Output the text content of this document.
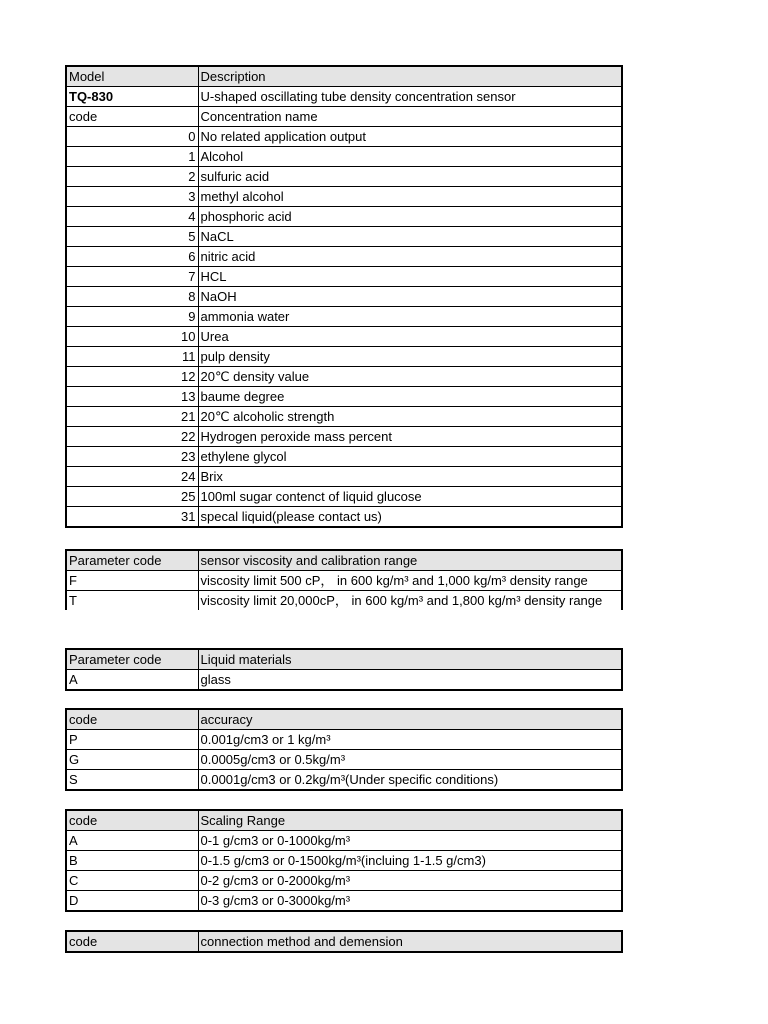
Model	Description
TQ-830	U-shaped oscillating tube density concentration sensor
code	Concentration name
0	No related application output
1	Alcohol
2	sulfuric acid
3	methyl alcohol
4	phosphoric acid
5	NaCL
6	nitric acid
7	HCL
8	NaOH
9	ammonia water
10	Urea
11	pulp density
12	20℃ density value
13	baume degree
21	20℃ alcoholic strength
22	Hydrogen peroxide mass percent
23	ethylene glycol
24	Brix
25	100ml sugar contenct of liquid glucose
31	specal liquid(please contact us)
Parameter code	sensor viscosity and calibration range
F	viscosity limit 500 cP， in 600 kg/m³ and 1,000 kg/m³ density range
T	viscosity limit 20,000cP， in 600 kg/m³ and 1,800 kg/m³ density range
Parameter code	Liquid materials
A	glass
code	accuracy
P	0.001g/cm3 or 1 kg/m³
G	0.0005g/cm3 or 0.5kg/m³
S	0.0001g/cm3 or 0.2kg/m³(Under specific conditions)
code	Scaling Range
A	0-1 g/cm3 or 0-1000kg/m³
B	0-1.5 g/cm3 or 0-1500kg/m³(incluing 1-1.5 g/cm3)
C	0-2 g/cm3 or 0-2000kg/m³
D	0-3 g/cm3 or 0-3000kg/m³
code	connection method and demension
